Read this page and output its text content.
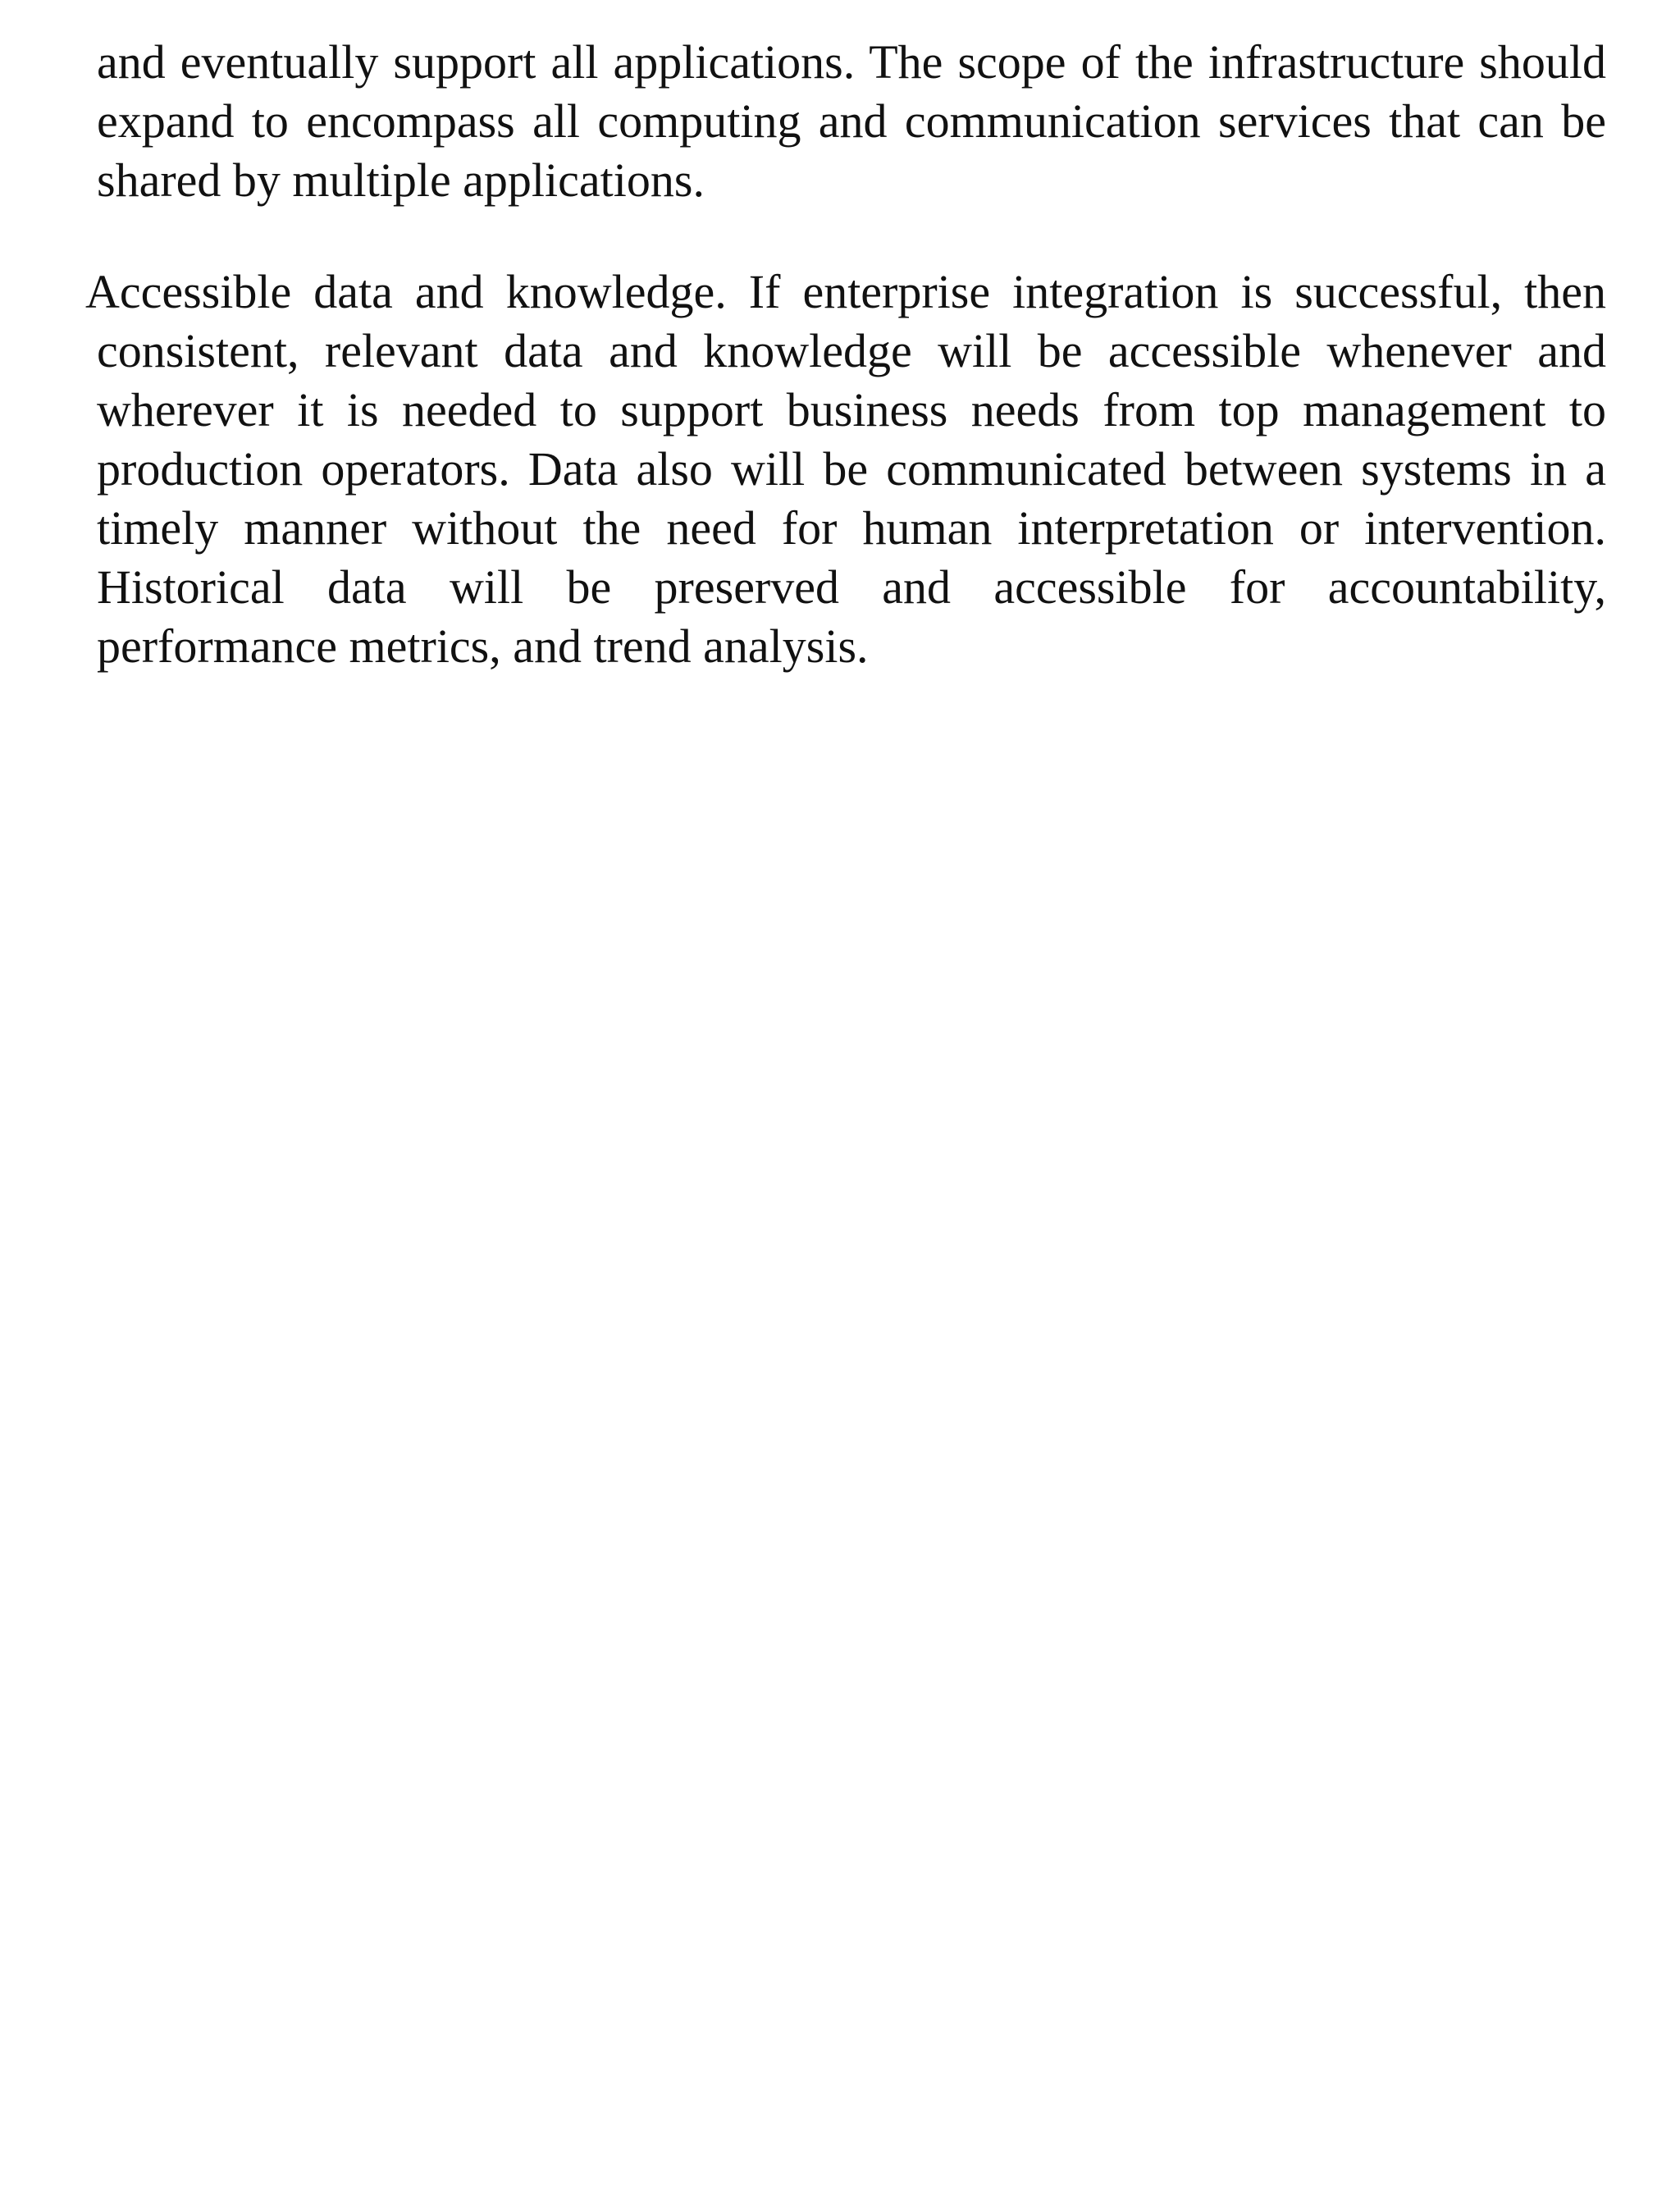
and eventually support all applications. The scope of the infrastructure should expand to encompass all computing and communication services that can be shared by multiple applications.

Accessible data and knowledge. If enterprise integration is successful, then consistent, relevant data and knowledge will be accessible whenever and wherever it is needed to support business needs from top management to production operators. Data also will be communicated between systems in a timely manner without the need for human interpretation or intervention. Historical data will be preserved and accessible for accountability, performance metrics, and trend analysis.
